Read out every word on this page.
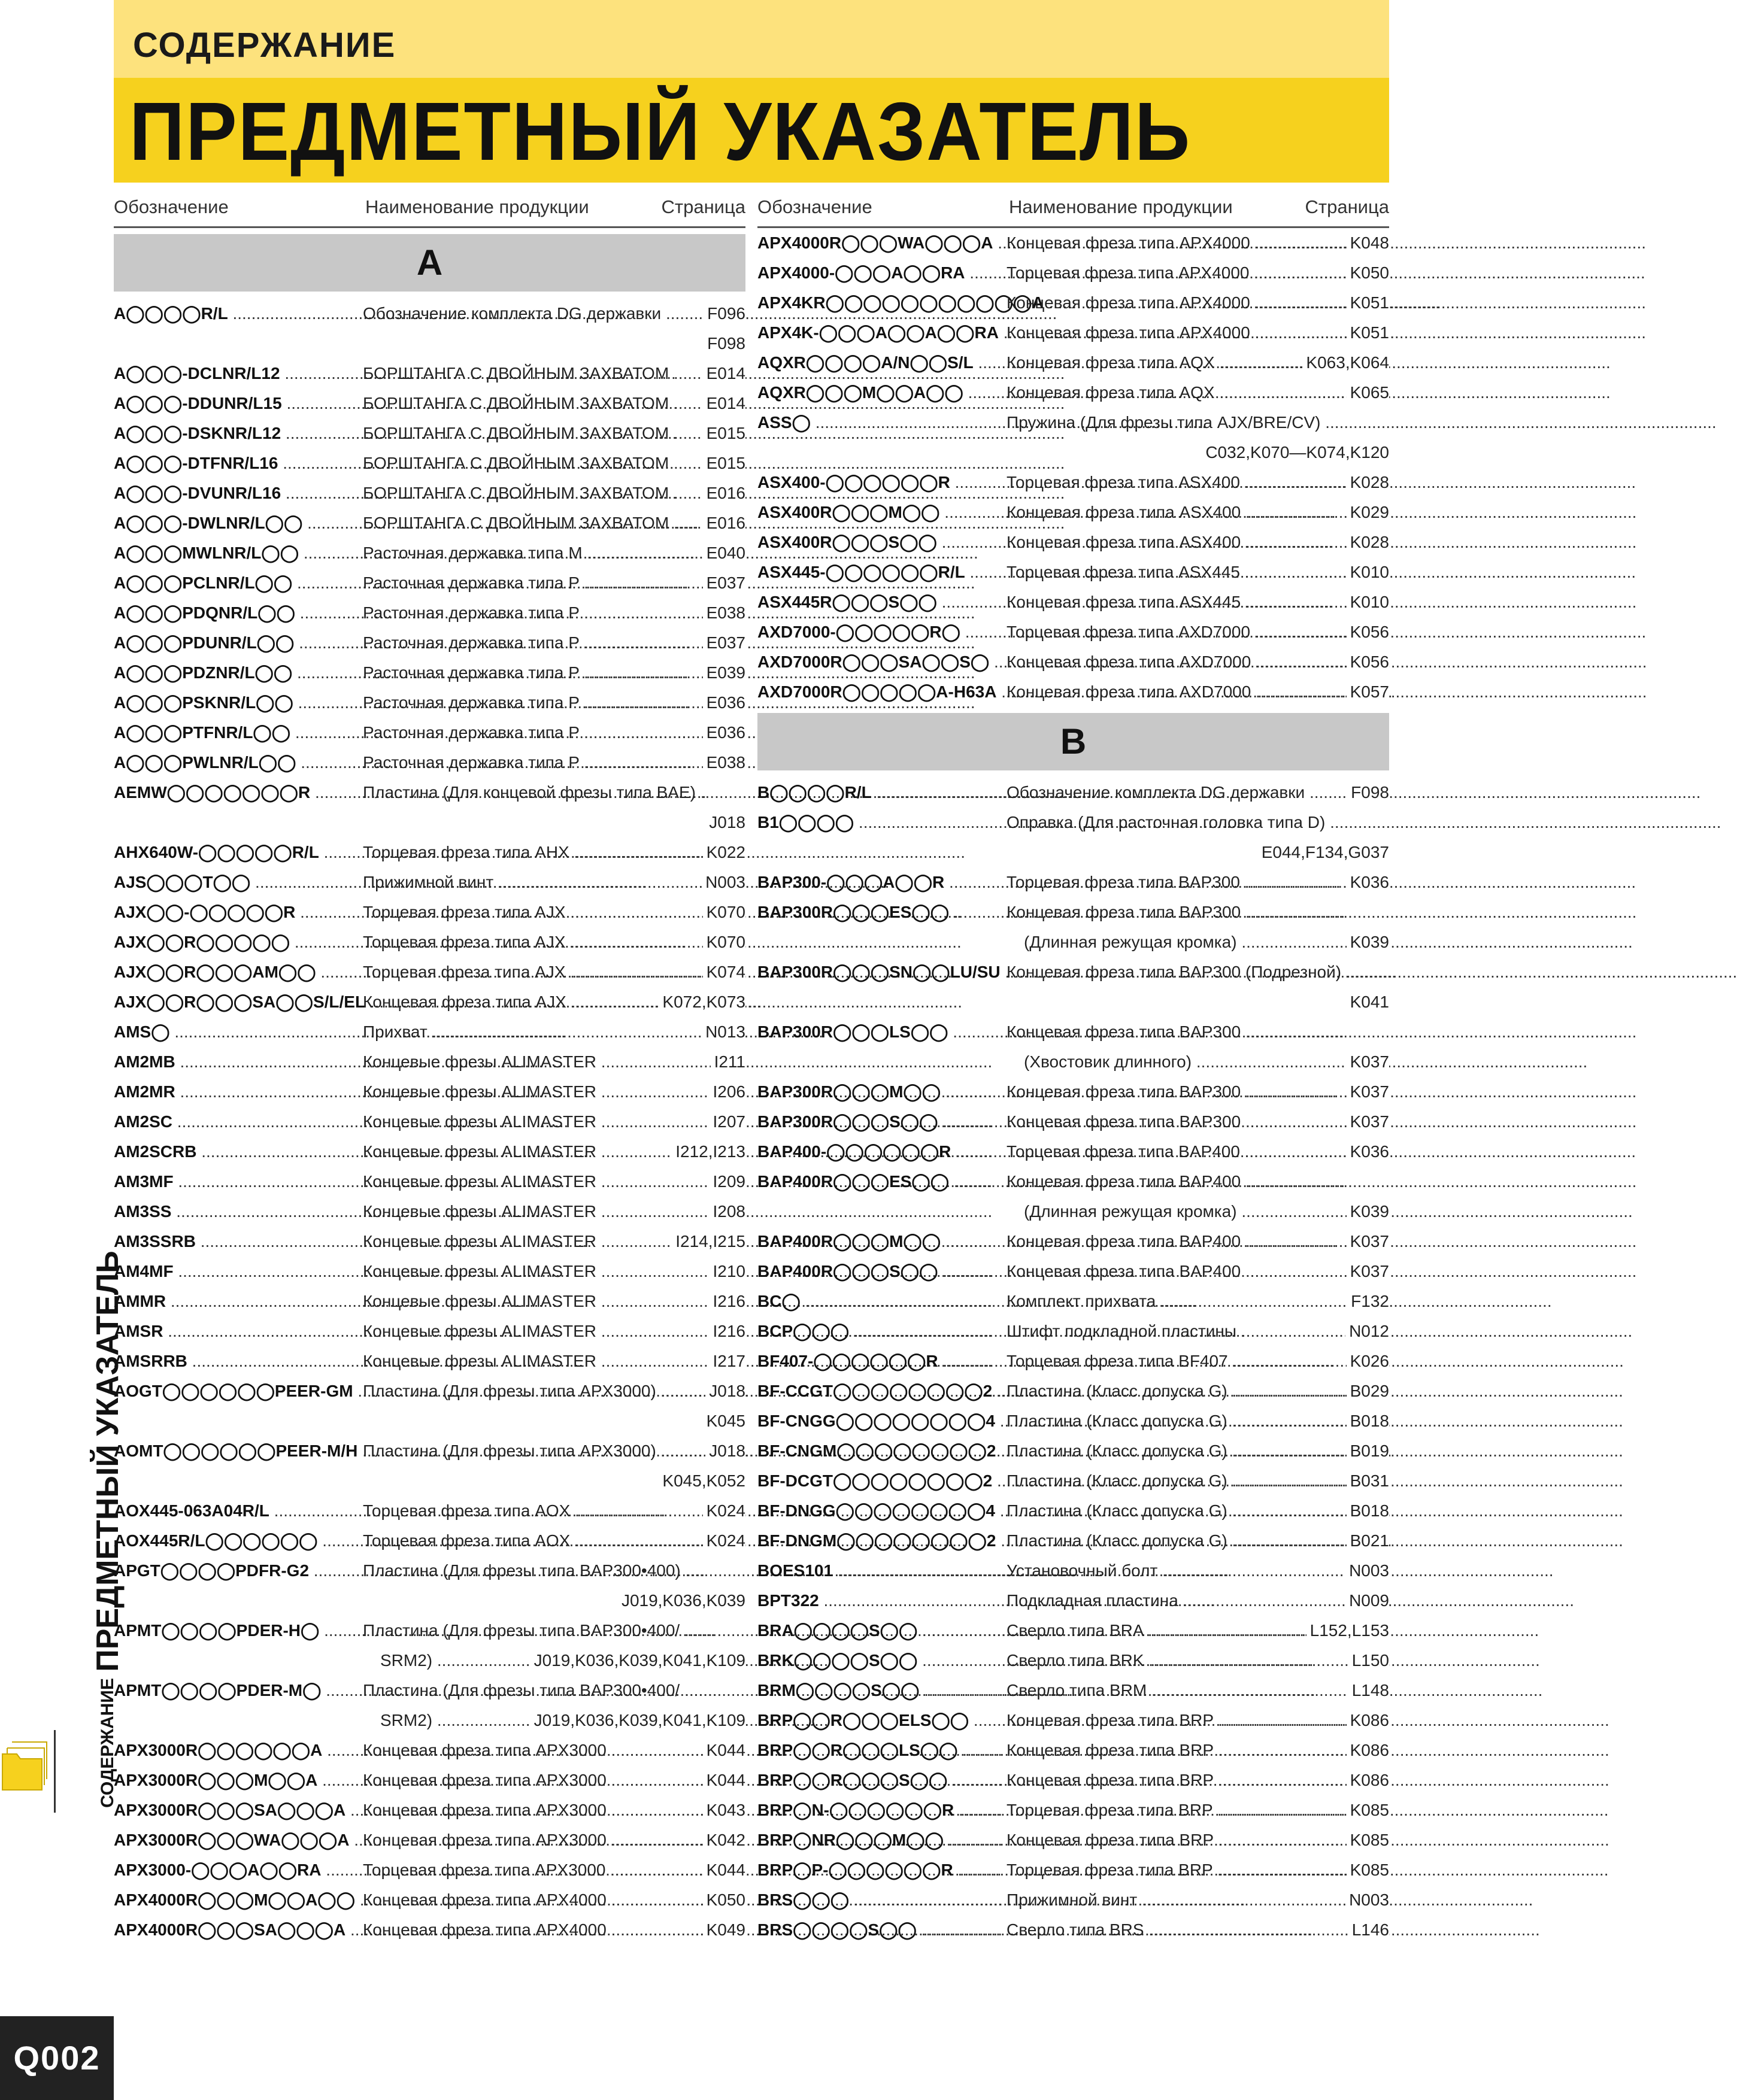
СОДЕРЖАНИЕ
ПРЕДМЕТНЫЙ УКАЗАТЕЛЬ
Обозначение	Наименование продукции	Страница
A
A◯◯◯◯R/L .....	Обозначение комплекта DG державки .....	F096
F098
A◯◯◯-DCLNR/L12 .....	БОРШТАНГА С ДВОЙНЫМ ЗАХВАТОМ .....	E014
A◯◯◯-DDUNR/L15 .....	БОРШТАНГА С ДВОЙНЫМ ЗАХВАТОМ .....	E014
A◯◯◯-DSKNR/L12 .....	БОРШТАНГА С ДВОЙНЫМ ЗАХВАТОМ .....	E015
A◯◯◯-DTFNR/L16 .....	БОРШТАНГА С ДВОЙНЫМ ЗАХВАТОМ .....	E015
A◯◯◯-DVUNR/L16 .....	БОРШТАНГА С ДВОЙНЫМ ЗАХВАТОМ .....	E016
A◯◯◯-DWLNR/L◯◯ .....	БОРШТАНГА С ДВОЙНЫМ ЗАХВАТОМ .....	E016
A◯◯◯MWLNR/L◯◯ .....	Расточная державка типа M .....	E040
A◯◯◯PCLNR/L◯◯ .....	Расточная державка типа P .....	E037
A◯◯◯PDQNR/L◯◯ .....	Расточная державка типа P .....	E038
A◯◯◯PDUNR/L◯◯ .....	Расточная державка типа P .....	E037
A◯◯◯PDZNR/L◯◯ .....	Расточная державка типа P .....	E039
A◯◯◯PSKNR/L◯◯ .....	Расточная державка типа P .....	E036
A◯◯◯PTFNR/L◯◯ .....	Расточная державка типа P .....	E036
A◯◯◯PWLNR/L◯◯ .....	Расточная державка типа P .....	E038
AEMW◯◯◯◯◯◯◯R .....	Пластина (Для концевой фрезы типа BAE) .....
J018
AHX640W-◯◯◯◯◯R/L .....	Торцевая фреза типа AHX .....	K022
AJS◯◯◯T◯◯ .....	Прижимной винт .....	N003
AJX◯◯-◯◯◯◯◯R .....	Торцевая фреза типа AJX .....	K070
AJX◯◯R◯◯◯◯◯ .....	Торцевая фреза типа AJX .....	K070
AJX◯◯R◯◯◯AM◯◯ .....	Торцевая фреза типа AJX .....	K074
AJX◯◯R◯◯◯SA◯◯S/L/EL .....
Концевая фреза типа AJX .....	K072,K073
AMS◯ .....	Прихват .....	N013
AM2MB .....	Концевые фрезы ALIMASTER .....	I211
AM2MR .....	Концевые фрезы ALIMASTER .....	I206
AM2SC .....	Концевые фрезы ALIMASTER .....	I207
AM2SCRB .....	Концевые фрезы ALIMASTER .....	I212,I213
AM3MF .....	Концевые фрезы ALIMASTER .....	I209
AM3SS .....	Концевые фрезы ALIMASTER .....	I208
AM3SSRB .....	Концевые фрезы ALIMASTER .....	I214,I215
AM4MF .....	Концевые фрезы ALIMASTER .....	I210
AMMR .....	Концевые фрезы ALIMASTER .....	I216
AMSR .....	Концевые фрезы ALIMASTER .....	I216
AMSRRB .....	Концевые фрезы ALIMASTER .....	I217
AOGT◯◯◯◯◯◯PEER-GM ..... Пластина (Для фрезы типа APX3000) .....	J018
K045
AOMT◯◯◯◯◯◯PEER-M/H ..... Пластина (Для фрезы типа APX3000) .....	J018
K045,K052
AOX445-063A04R/L .....	Торцевая фреза типа AOX .....	K024
AOX445R/L◯◯◯◯◯◯ .....	Торцевая фреза типа AOX .....	K024
APGT◯◯◯◯PDFR-G2 .....	Пластина (Для фрезы типа BAP300•400) .....
J019,K036,K039
APMT◯◯◯◯PDER-H◯ .....	Пластина (Для фрезы типа BAP300•400/ .....
SRM2) .....	J019,K036,K039,K041,K109
APMT◯◯◯◯PDER-M◯ .....	Пластина (Для фрезы типа BAP300•400/ .....
SRM2) .....	J019,K036,K039,K041,K109
APX3000R◯◯◯◯◯◯A .....	Концевая фреза типа APX3000 .....	K044
APX3000R◯◯◯M◯◯A .....	Концевая фреза типа APX3000 .....	K044
APX3000R◯◯◯SA◯◯◯A .....	Концевая фреза типа APX3000 .....	K043
APX3000R◯◯◯WA◯◯◯A ..... Концевая фреза типа APX3000 .....	K042
APX3000-◯◯◯A◯◯RA .....	Торцевая фреза типа APX3000 .....	K044
APX4000R◯◯◯M◯◯A◯◯ ..... Концевая фреза типа APX4000 .....	K050
APX4000R◯◯◯SA◯◯◯A .....	Концевая фреза типа APX4000 .....	K049
Обозначение	Наименование продукции	Страница
APX4000R◯◯◯WA◯◯◯A ..... Концевая фреза типа APX4000 .....	K048
APX4000-◯◯◯A◯◯RA .....	Торцевая фреза типа APX4000 .....	K050
APX4KR◯◯◯◯◯◯◯◯◯◯◯A .....
Концевая фреза типа APX4000 .....	K051
APX4K-◯◯◯A◯◯A◯◯RA ..... Концевая фреза типа APX4000 .....	K051
AQXR◯◯◯◯A/N◯◯S/L .....	Концевая фреза типа AQX .....	K063,K064
AQXR◯◯◯M◯◯A◯◯ .....	Концевая фреза типа AQX .....	K065
ASS◯ .....	Пружина (Для фрезы типа AJX/BRE/CV) .....
C032,K070—K074,K120
ASX400-◯◯◯◯◯◯R .....	Торцевая фреза типа ASX400 .....	K028
ASX400R◯◯◯M◯◯ .....	Концевая фреза типа ASX400 .....	K029
ASX400R◯◯◯S◯◯ .....	Концевая фреза типа ASX400 .....	K028
ASX445-◯◯◯◯◯◯R/L .....	Торцевая фреза типа ASX445 .....	K010
ASX445R◯◯◯S◯◯ .....	Концевая фреза типа ASX445 .....	K010
AXD7000-◯◯◯◯◯R◯ .....	Торцевая фреза типа AXD7000 .....	K056
AXD7000R◯◯◯SA◯◯S◯ .....	Концевая фреза типа AXD7000 .....	K056
AXD7000R◯◯◯◯◯A-H63A ..... Концевая фреза типа AXD7000 .....	K057
B
B◯◯◯◯R/L .....	Обозначение комплекта DG державки .....	F098
B1◯◯◯◯ .....	Оправка (Для расточная головка типа D) .....
E044,F134,G037
BAP300-◯◯◯A◯◯R .....	Торцевая фреза типа BAP300 .....	K036
BAP300R◯◯◯ES◯◯ .....	Концевая фреза типа BAP300 .....
(Длинная режущая кромка) .....	K039
BAP300R◯◯◯SN◯◯LU/SU ..... Концевая фреза типа BAP300 (Подрезной) .....
K041
BAP300R◯◯◯LS◯◯ .....	Концевая фреза типа BAP300 .....
(Хвостовик длинного) .....	K037
BAP300R◯◯◯M◯◯ .....	Концевая фреза типа BAP300 .....	K037
BAP300R◯◯◯S◯◯ .....	Концевая фреза типа BAP300 .....	K037
BAP400-◯◯◯◯◯◯R .....	Торцевая фреза типа BAP400 .....	K036
BAP400R◯◯◯ES◯◯ .....	Концевая фреза типа BAP400 .....
(Длинная режущая кромка) .....	K039
BAP400R◯◯◯M◯◯ .....	Концевая фреза типа BAP400 .....	K037
BAP400R◯◯◯S◯◯ .....	Концевая фреза типа BAP400 .....	K037
BC◯ .....	Комплект прихвата .....	F132
BCP◯◯◯ .....	Штифт подкладной пластины .....	N012
BF407-◯◯◯◯◯◯R .....	Торцевая фреза типа BF407 .....	K026
BF-CCGT◯◯◯◯◯◯◯◯2 ..... Пластина (Класс допуска G) .....	B029
BF-CNGG◯◯◯◯◯◯◯◯4 ..... Пластина (Класс допуска G) .....	B018
BF-CNGM◯◯◯◯◯◯◯◯2 ..... Пластина (Класс допуска G) .....	B019
BF-DCGT◯◯◯◯◯◯◯◯2 ..... Пластина (Класс допуска G) .....	B031
BF-DNGG◯◯◯◯◯◯◯◯4 ..... Пластина (Класс допуска G) .....	B018
BF-DNGM◯◯◯◯◯◯◯◯2 ..... Пластина (Класс допуска G) .....	B021
BOES101 .....	Установочный болт .....	N003
BPT322 .....	Подкладная пластина .....	N009
BRA◯◯◯◯S◯◯ .....	Сверло типа BRA .....	L152,L153
BRK◯◯◯◯S◯◯ .....	Сверло типа BRK .....	L150
BRM◯◯◯◯S◯◯ .....	Сверло типа BRM .....	L148
BRP◯◯R◯◯◯ELS◯◯ .....	Концевая фреза типа BRP .....	K086
BRP◯◯R◯◯◯LS◯◯ .....	Концевая фреза типа BRP .....	K086
BRP◯◯R◯◯◯S◯◯ .....	Концевая фреза типа BRP .....	K086
BRP◯N-◯◯◯◯◯◯R .....	Торцевая фреза типа BRP .....	K085
BRP◯NR◯◯◯M◯◯ .....	Концевая фреза типа BRP .....	K085
BRP◯P-◯◯◯◯◯◯R .....	Торцевая фреза типа BRP .....	K085
BRS◯◯◯ .....	Прижимной винт .....	N003
BRS◯◯◯◯S◯◯ .....	Сверло типа BRS .....	L146
СОДЕРЖАНИЕ ПРЕДМЕТНЫЙ УКАЗАТЕЛЬ
Q002
